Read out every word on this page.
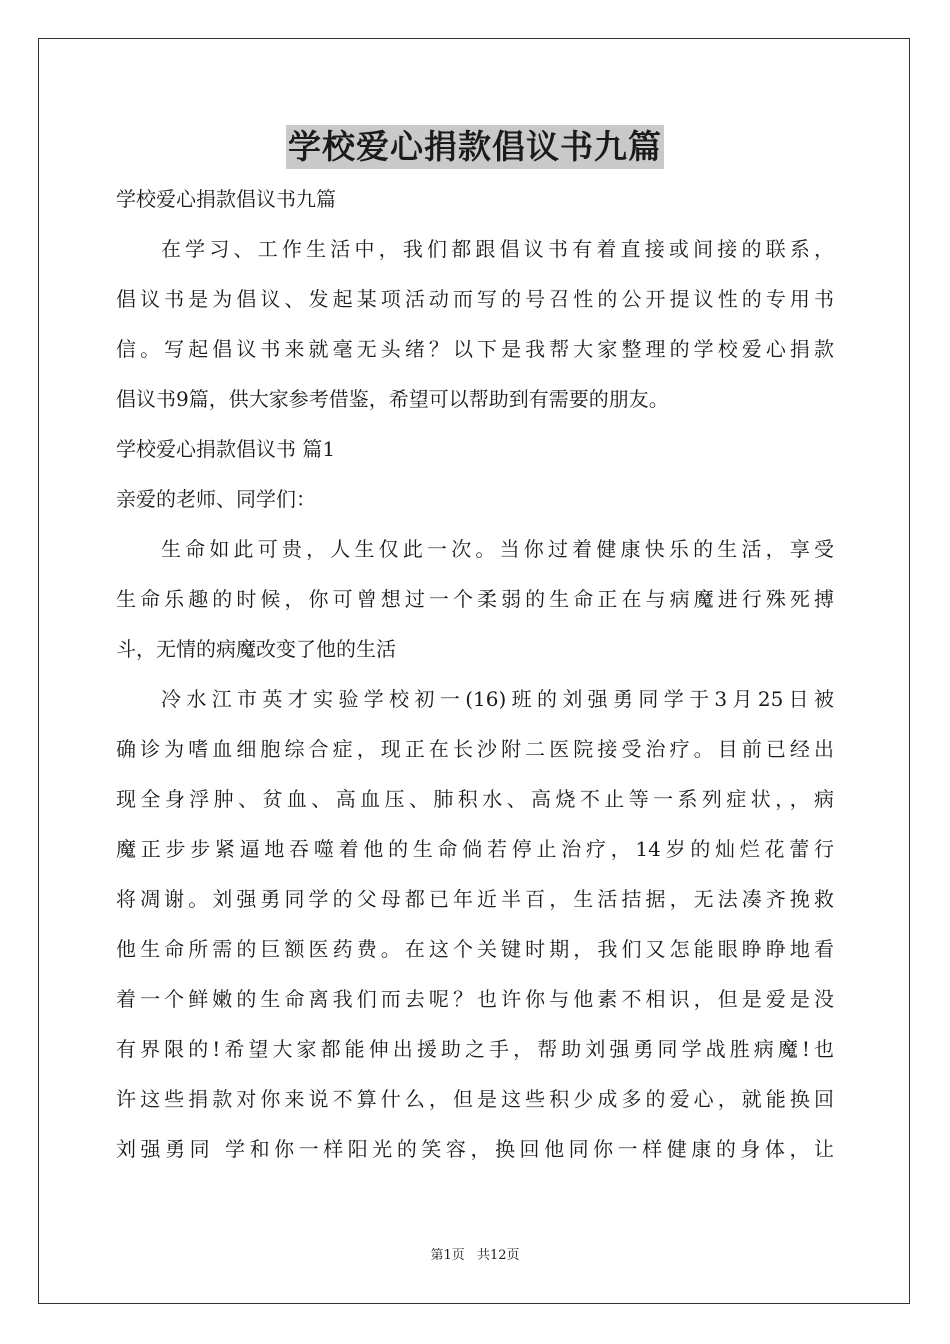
学校爱心捐款倡议书九篇
学校爱心捐款倡议书九篇
在学习、工作生活中，我们都跟倡议书有着直接或间接的联系，
倡议书是为倡议、发起某项活动而写的号召性的公开提议性的专用书
信。写起倡议书来就毫无头绪？以下是我帮大家整理的学校爱心捐款
倡议书9篇，供大家参考借鉴，希望可以帮助到有需要的朋友。
学校爱心捐款倡议书 篇1
亲爱的老师、同学们：
生命如此可贵，人生仅此一次。当你过着健康快乐的生活，享受
生命乐趣的时候，你可曾想过一个柔弱的生命正在与病魔进行殊死搏
斗，无情的病魔改变了他的生活
冷水江市英才实验学校初一(16)班的刘强勇同学于3月25日被
确诊为嗜血细胞综合症，现正在长沙附二医院接受治疗。目前已经出
现全身浮肿、贫血、高血压、肺积水、高烧不止等一系列症状，，病
魔正步步紧逼地吞噬着他的生命倘若停止治疗，14岁的灿烂花蕾行
将凋谢。刘强勇同学的父母都已年近半百，生活拮据，无法凑齐挽救
他生命所需的巨额医药费。在这个关键时期，我们又怎能眼睁睁地看
着一个鲜嫩的生命离我们而去呢？也许你与他素不相识，但是爱是没
有界限的!希望大家都能伸出援助之手，帮助刘强勇同学战胜病魔!也
许这些捐款对你来说不算什么，但是这些积少成多的爱心，就能换回
刘强勇同 学和你一样阳光的笑容，换回他同你一样健康的身体，让
第1页 共12页
